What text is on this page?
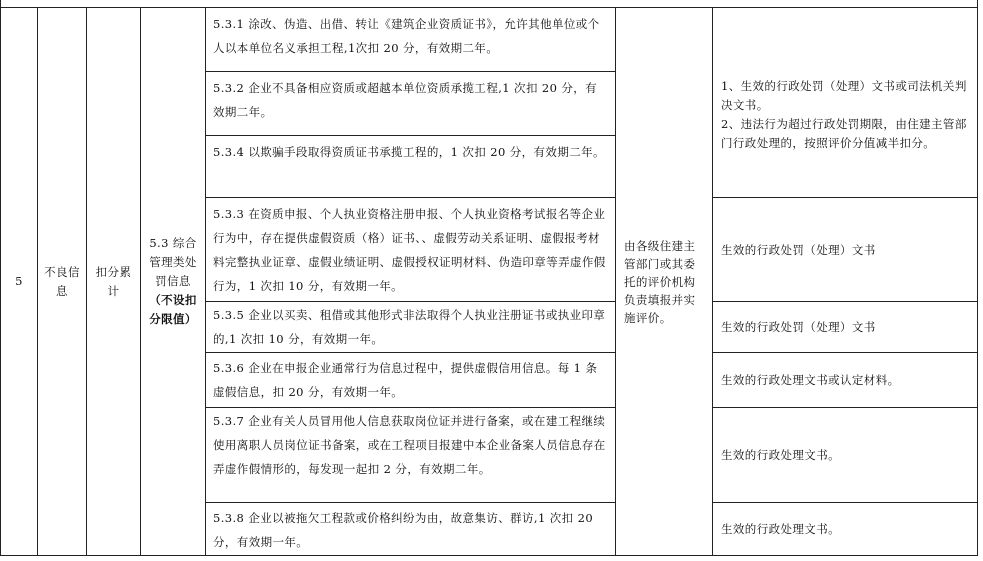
5
不良信息
扣分累计
5.3 综合管理类处罚信息
（不设扣分限值）
5.3.1 涂改、伪造、出借、转让《建筑企业资质证书》，允许其他单位或个人以本单位名义承担工程,1次扣 20 分，有效期二年。
5.3.2 企业不具备相应资质或超越本单位资质承揽工程,1 次扣 20 分，有效期二年。
5.3.4 以欺骗手段取得资质证书承揽工程的，1 次扣 20 分，有效期二年。
5.3.3 在资质申报、个人执业资格注册申报、个人执业资格考试报名等企业行为中，存在提供虚假资质（格）证书、、虚假劳动关系证明、虚假报考材料完整执业证章、虚假业绩证明、虚假授权证明材料、伪造印章等弄虚作假行为，1 次扣 10 分，有效期一年。
5.3.5 企业以买卖、租借或其他形式非法取得个人执业注册证书或执业印章的,1 次扣 10 分，有效期一年。
5.3.6 企业在申报企业通常行为信息过程中，提供虚假信用信息。每 1 条虚假信息，扣 20 分，有效期一年。
5.3.7 企业有关人员冒用他人信息获取岗位证并进行备案，或在建工程继续使用离职人员岗位证书备案，或在工程项目报建中本企业备案人员信息存在弄虚作假情形的，每发现一起扣 2 分，有效期二年。
5.3.8 企业以被拖欠工程款或价格纠纷为由，故意集访、群访,1 次扣 20 分，有效期一年。
由各级住建主管部门或其委托的评价机构负责填报并实施评价。

1、生效的行政处罚（处理）文书或司法机关判决文书。
2、违法行为超过行政处罚期限，由住建主管部门行政处理的，按照评价分值减半扣分。

生效的行政处罚（处理）文书
生效的行政处罚（处理）文书
生效的行政处理文书或认定材料。
生效的行政处理文书。
生效的行政处理文书。
